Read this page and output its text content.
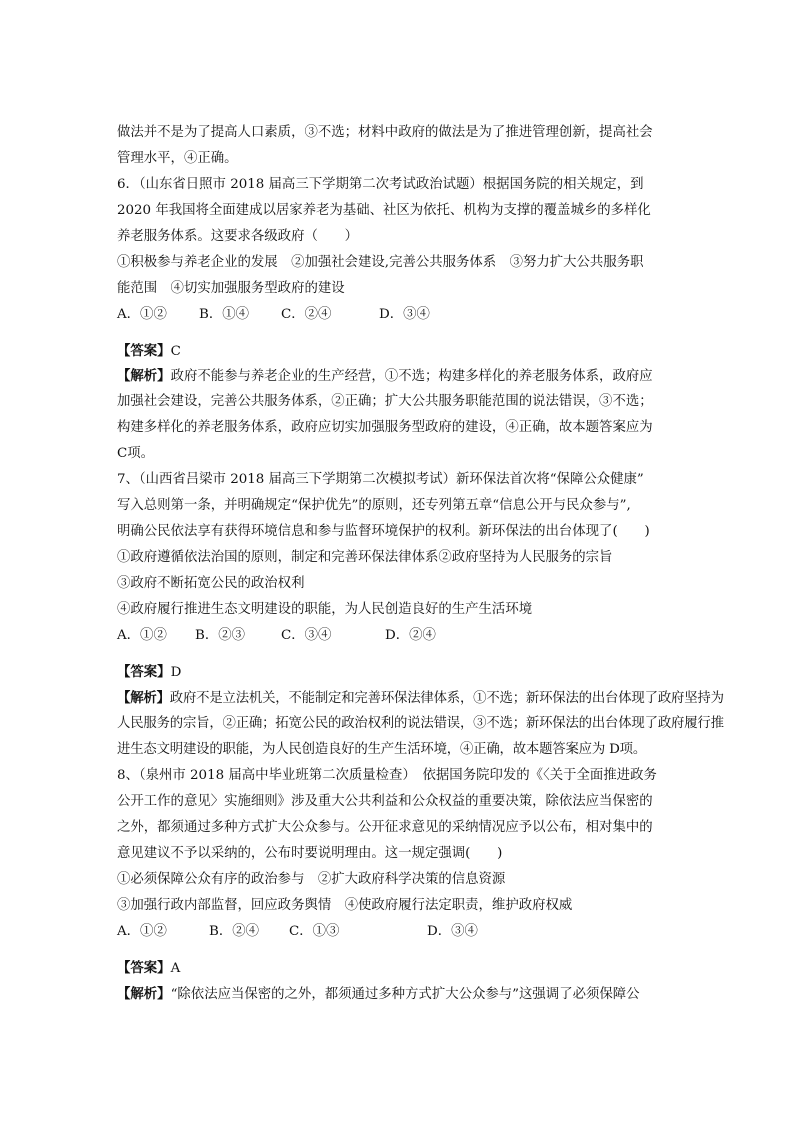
做法并不是为了提高人口素质，③不选；材料中政府的做法是为了推进管理创新，提高社会
管理水平，④正确。
6．（山东省日照市 2018 届高三下学期第二次考试政治试题）根据国务院的相关规定，到
2020 年我国将全面建成以居家养老为基础、社区为依托、机构为支撑的覆盖城乡的多样化
养老服务体系。这要求各级政府（　　）
①积极参与养老企业的发展　②加强社会建设,完善公共服务体系　③努力扩大公共服务职
能范围　④切实加强服务型政府的建设
A．①② B．①④ C．②④	D．③④
【答案】C
【解析】政府不能参与养老企业的生产经营，①不选；构建多样化的养老服务体系，政府应
加强社会建设，完善公共服务体系，②正确；扩大公共服务职能范围的说法错误，③不选；
构建多样化的养老服务体系，政府应切实加强服务型政府的建设，④正确，故本题答案应为
C项。
7、（山西省吕梁市 2018 届高三下学期第二次模拟考试）新环保法首次将“保障公众健康”
写入总则第一条，并明确规定“保护优先”的原则，还专列第五章“信息公开与民众参与”,
明确公民依法享有获得环境信息和参与监督环境保护的权利。新环保法的出台体现了(　　)
①政府遵循依法治国的原则，制定和完善环保法律体系②政府坚持为人民服务的宗旨
③政府不断拓宽公民的政治权利
④政府履行推进生态文明建设的职能，为人民创造良好的生产生活环境
A．①② B．②③	C．③④	D．②④
【答案】D
【解析】政府不是立法机关，不能制定和完善环保法律体系，①不选；新环保法的出台体现了政府坚持为
人民服务的宗旨，②正确；拓宽公民的政治权利的说法错误，③不选；新环保法的出台体现了政府履行推
进生态文明建设的职能，为人民创造良好的生产生活环境，④正确，故本题答案应为 D项。
8、（泉州市 2018 届高中毕业班第二次质量检查）　依据国务院印发的《〈关于全面推进政务
公开工作的意见〉实施细则》涉及重大公共利益和公众权益的重要决策，除依法应当保密的
之外，都须通过多种方式扩大公众参与。公开征求意见的采纳情况应予以公布，相对集中的
意见建议不予以采纳的，公布时要说明理由。这一规定强调(　　)
①必须保障公众有序的政治参与　②扩大政府科学决策的信息资源
③加强行政内部监督，回应政务舆情　④使政府履行法定职责，维护政府权威
A．①②	B．②④ C．①③	D．③④
【答案】A
【解析】“除依法应当保密的之外，都须通过多种方式扩大公众参与”这强调了必须保障公
